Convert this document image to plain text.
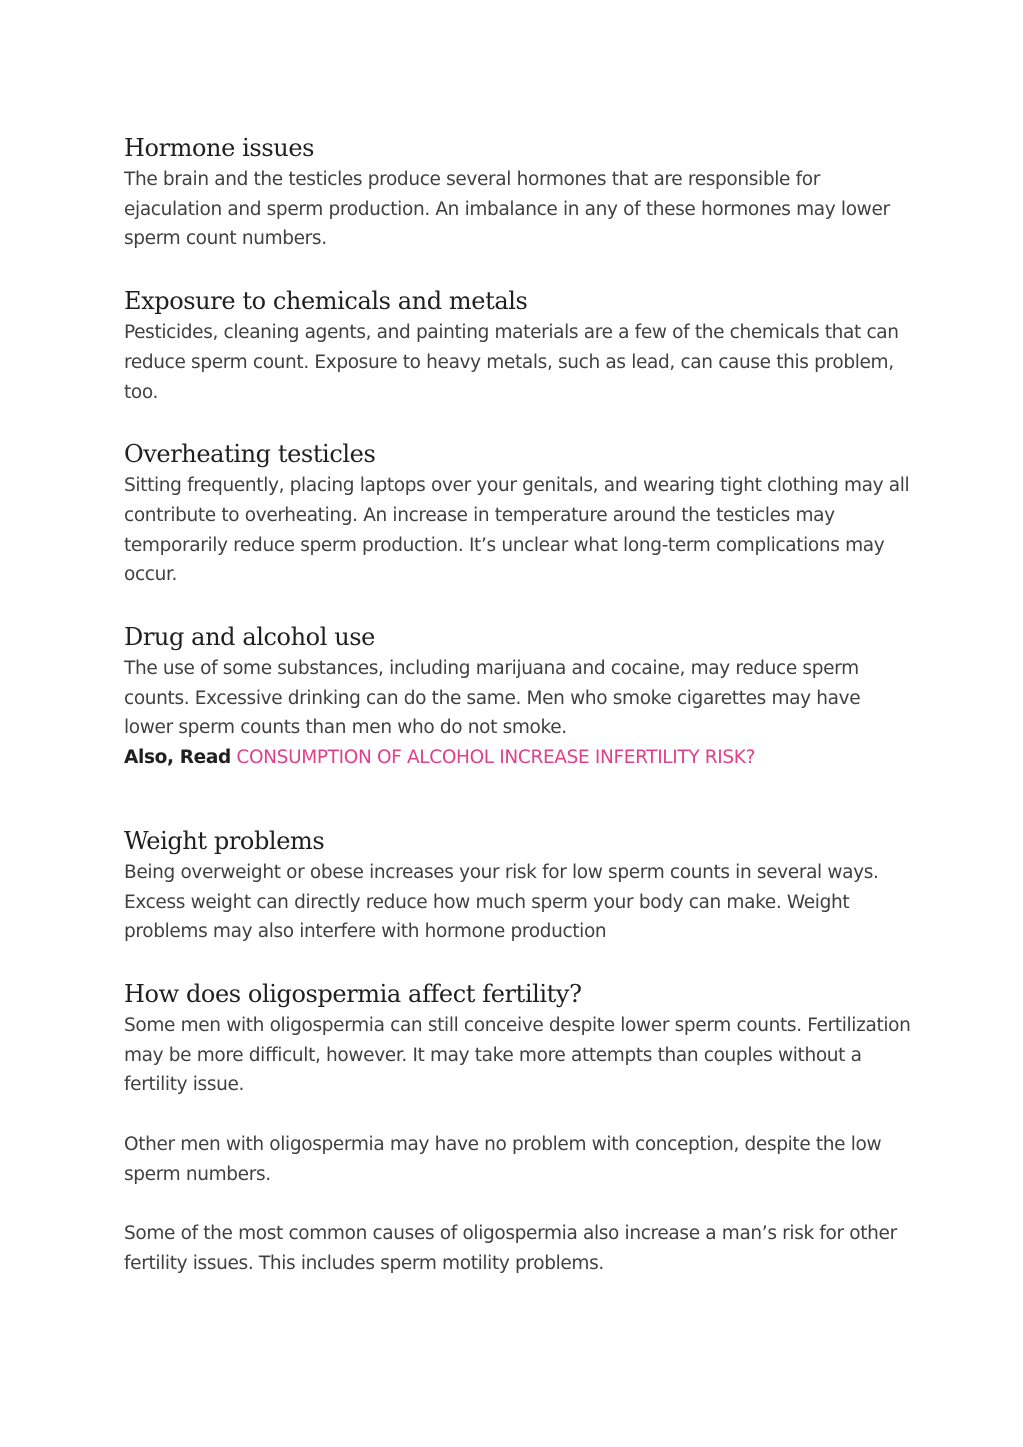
Hormone issues

The brain and the testicles produce several hormones that are responsible for ejaculation and sperm production. An imbalance in any of these hormones may lower sperm count numbers.

Exposure to chemicals and metals

Pesticides, cleaning agents, and painting materials are a few of the chemicals that can reduce sperm count. Exposure to heavy metals, such as lead, can cause this problem, too.

Overheating testicles

Sitting frequently, placing laptops over your genitals, and wearing tight clothing may all contribute to overheating. An increase in temperature around the testicles may temporarily reduce sperm production. It’s unclear what long-term complications may occur.

Drug and alcohol use

The use of some substances, including marijuana and cocaine, may reduce sperm counts. Excessive drinking can do the same. Men who smoke cigarettes may have lower sperm counts than men who do not smoke.

Also, Read CONSUMPTION OF ALCOHOL INCREASE INFERTILITY RISK?

Weight problems

Being overweight or obese increases your risk for low sperm counts in several ways. Excess weight can directly reduce how much sperm your body can make. Weight problems may also interfere with hormone production

How does oligospermia affect fertility?

Some men with oligospermia can still conceive despite lower sperm counts. Fertilization may be more difficult, however. It may take more attempts than couples without a fertility issue.

Other men with oligospermia may have no problem with conception, despite the low sperm numbers.

Some of the most common causes of oligospermia also increase a man’s risk for other fertility issues. This includes sperm motility problems.
